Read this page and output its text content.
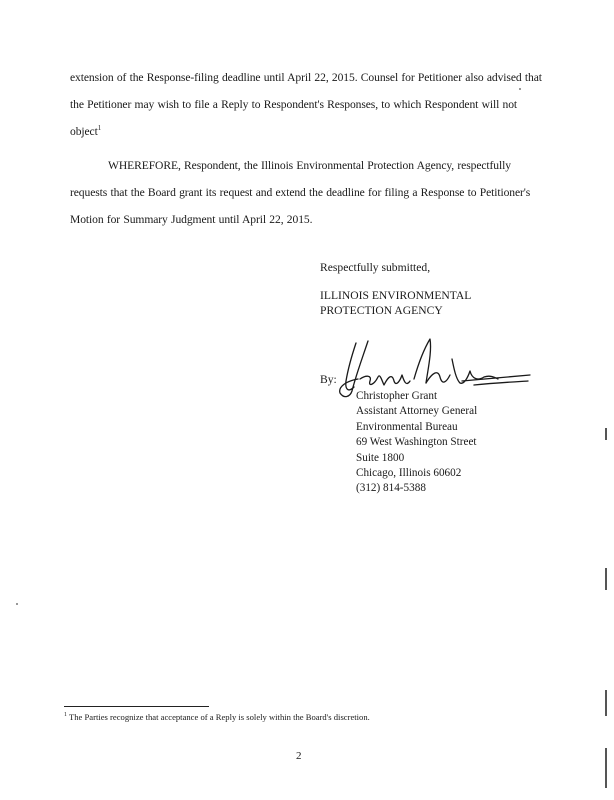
extension of the Response-filing deadline until April 22, 2015. Counsel for Petitioner also advised that the Petitioner may wish to file a Reply to Respondent's Responses, to which Respondent will not object$^1$
WHEREFORE, Respondent, the Illinois Environmental Protection Agency, respectfully requests that the Board grant its request and extend the deadline for filing a Response to Petitioner's Motion for Summary Judgment until April 22, 2015.
Respectfully submitted,
ILLINOIS ENVIRONMENTAL
PROTECTION AGENCY
By:
Christopher Grant
Assistant Attorney General
Environmental Bureau
69 West Washington Street
Suite 1800
Chicago, Illinois 60602
(312) 814-5388
$^1$ The Parties recognize that acceptance of a Reply is solely within the Board's discretion.
2
